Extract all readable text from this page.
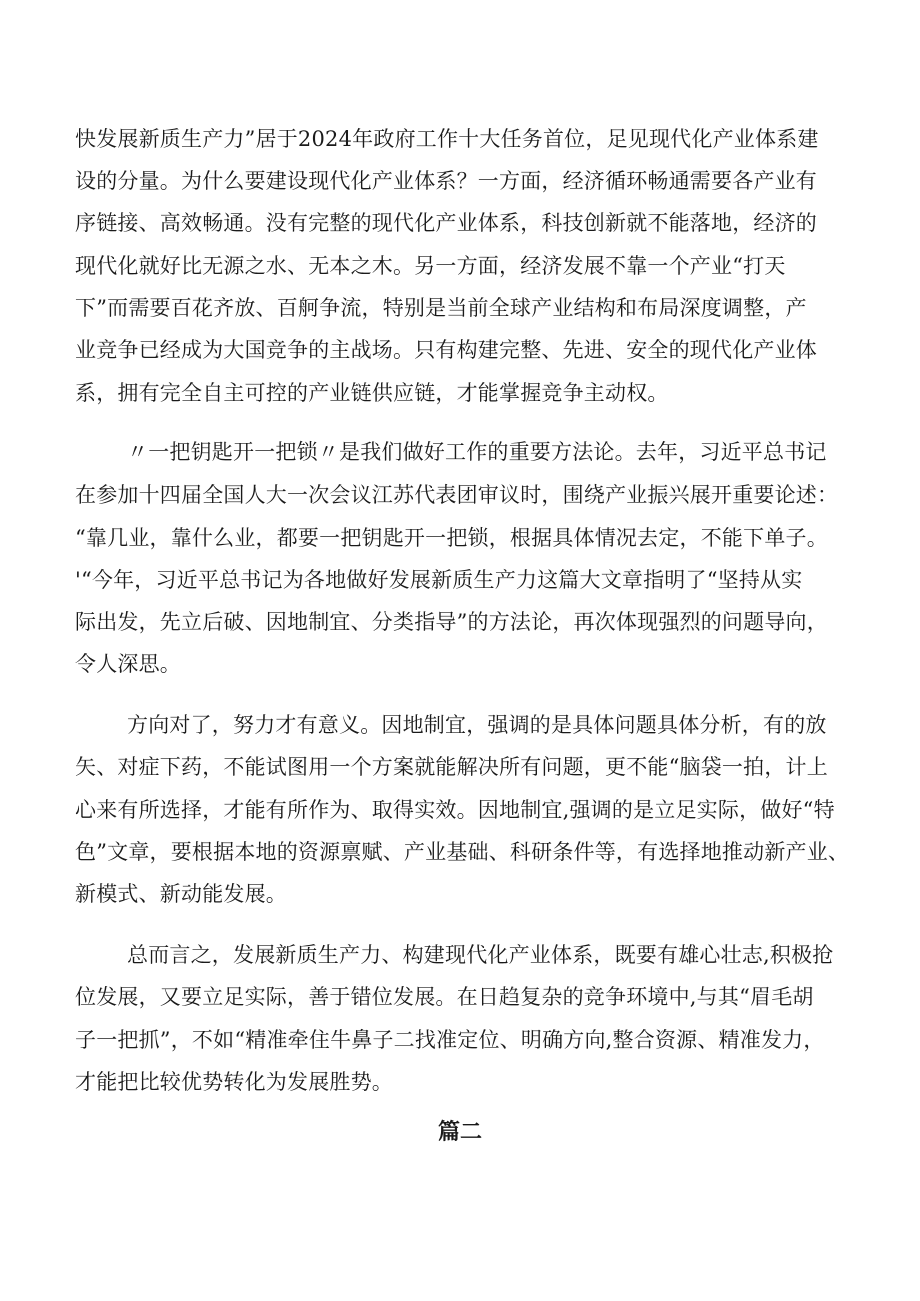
快发展新质生产力”居于2024年政府工作十大任务首位，足见现代化产业体系建
设的分量。为什么要建设现代化产业体系？一方面，经济循环畅通需要各产业有
序链接、高效畅通。没有完整的现代化产业体系，科技创新就不能落地，经济的
现代化就好比无源之水、无本之木。另一方面，经济发展不靠一个产业“打天
下”而需要百花齐放、百舸争流，特别是当前全球产业结构和布局深度调整，产
业竞争已经成为大国竞争的主战场。只有构建完整、先进、安全的现代化产业体
系，拥有完全自主可控的产业链供应链，才能掌握竞争主动权。
〃一把钥匙开一把锁〃是我们做好工作的重要方法论。去年，习近平总书记
在参加十四届全国人大一次会议江苏代表团审议时，围绕产业振兴展开重要论述：
“靠几业，靠什么业，都要一把钥匙开一把锁，根据具体情况去定，不能下单子。
'“今年，习近平总书记为各地做好发展新质生产力这篇大文章指明了“坚持从实
际出发，先立后破、因地制宜、分类指导”的方法论，再次体现强烈的问题导向，
令人深思。
方向对了，努力才有意义。因地制宜，强调的是具体问题具体分析，有的放
矢、对症下药，不能试图用一个方案就能解决所有问题，更不能“脑袋一拍，计上
心来有所选择，才能有所作为、取得实效。因地制宜,强调的是立足实际，做好“特
色”文章，要根据本地的资源禀赋、产业基础、科研条件等，有选择地推动新产业、
新模式、新动能发展。
总而言之，发展新质生产力、构建现代化产业体系，既要有雄心壮志,积极抢
位发展，又要立足实际，善于错位发展。在日趋复杂的竞争环境中,与其“眉毛胡
子一把抓”，不如“精准牵住牛鼻子二找准定位、明确方向,整合资源、精准发力，
才能把比较优势转化为发展胜势。
篇二
